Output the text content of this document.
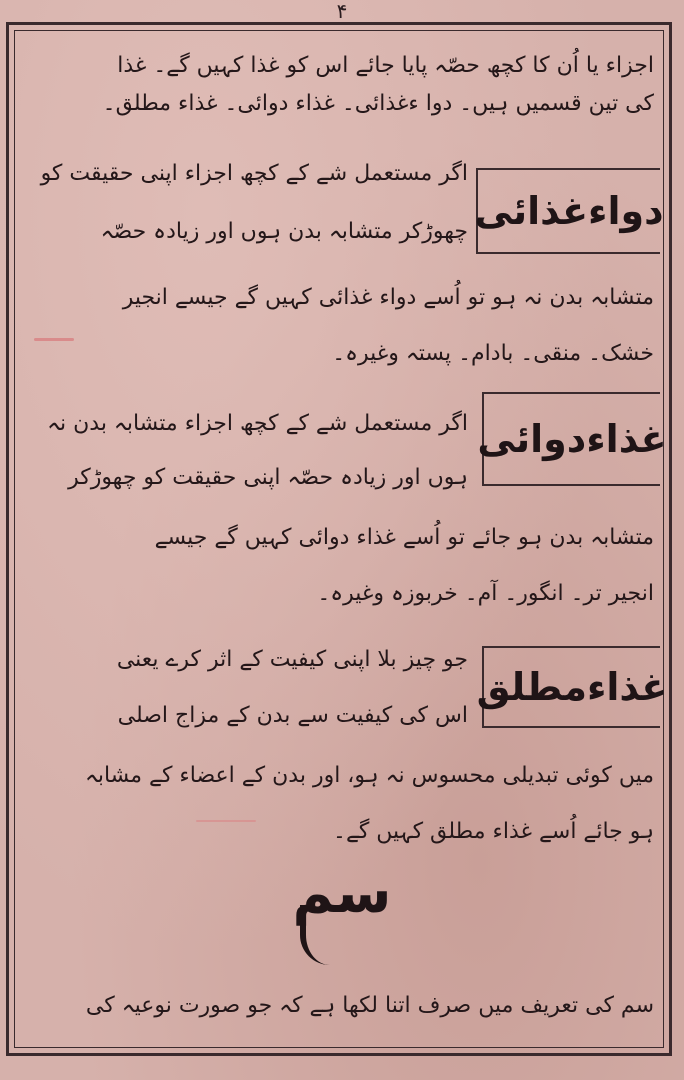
۴
اجزاء یا اُن کا کچھ حصّہ پایا جائے اس کو غذا کہیں گے۔ غذا
کی تین قسمیں ہیں۔ دوا ءغذائی۔ غذاء دوائی۔ غذاء مطلق۔
دواءغذائی
اگر مستعمل شے کے کچھ اجزاء اپنی حقیقت کو
چھوڑکر متشابہ بدن ہوں اور زیادہ حصّہ
متشابہ بدن نہ ہو تو اُسے دواء غذائی کہیں گے جیسے انجیر
خشک۔ منقی۔ بادام۔ پستہ وغیرہ۔
غذاءدوائی
اگر مستعمل شے کے کچھ اجزاء متشابہ بدن نہ
ہوں اور زیادہ حصّہ اپنی حقیقت کو چھوڑکر
متشابہ بدن ہو جائے تو اُسے غذاء دوائی کہیں گے جیسے
انجیر تر۔ انگور۔ آم۔ خربوزہ وغیرہ۔
غذاءمطلق
جو چیز بلا اپنی کیفیت کے اثر کرے یعنی
اس کی کیفیت سے بدن کے مزاج اصلی
میں کوئی تبدیلی محسوس نہ ہو، اور بدن کے اعضاء کے مشابہ
ہو جائے اُسے غذاء مطلق کہیں گے۔
سم
سم کی تعریف میں صرف اتنا لکھا ہے کہ جو صورت نوعیہ کی
